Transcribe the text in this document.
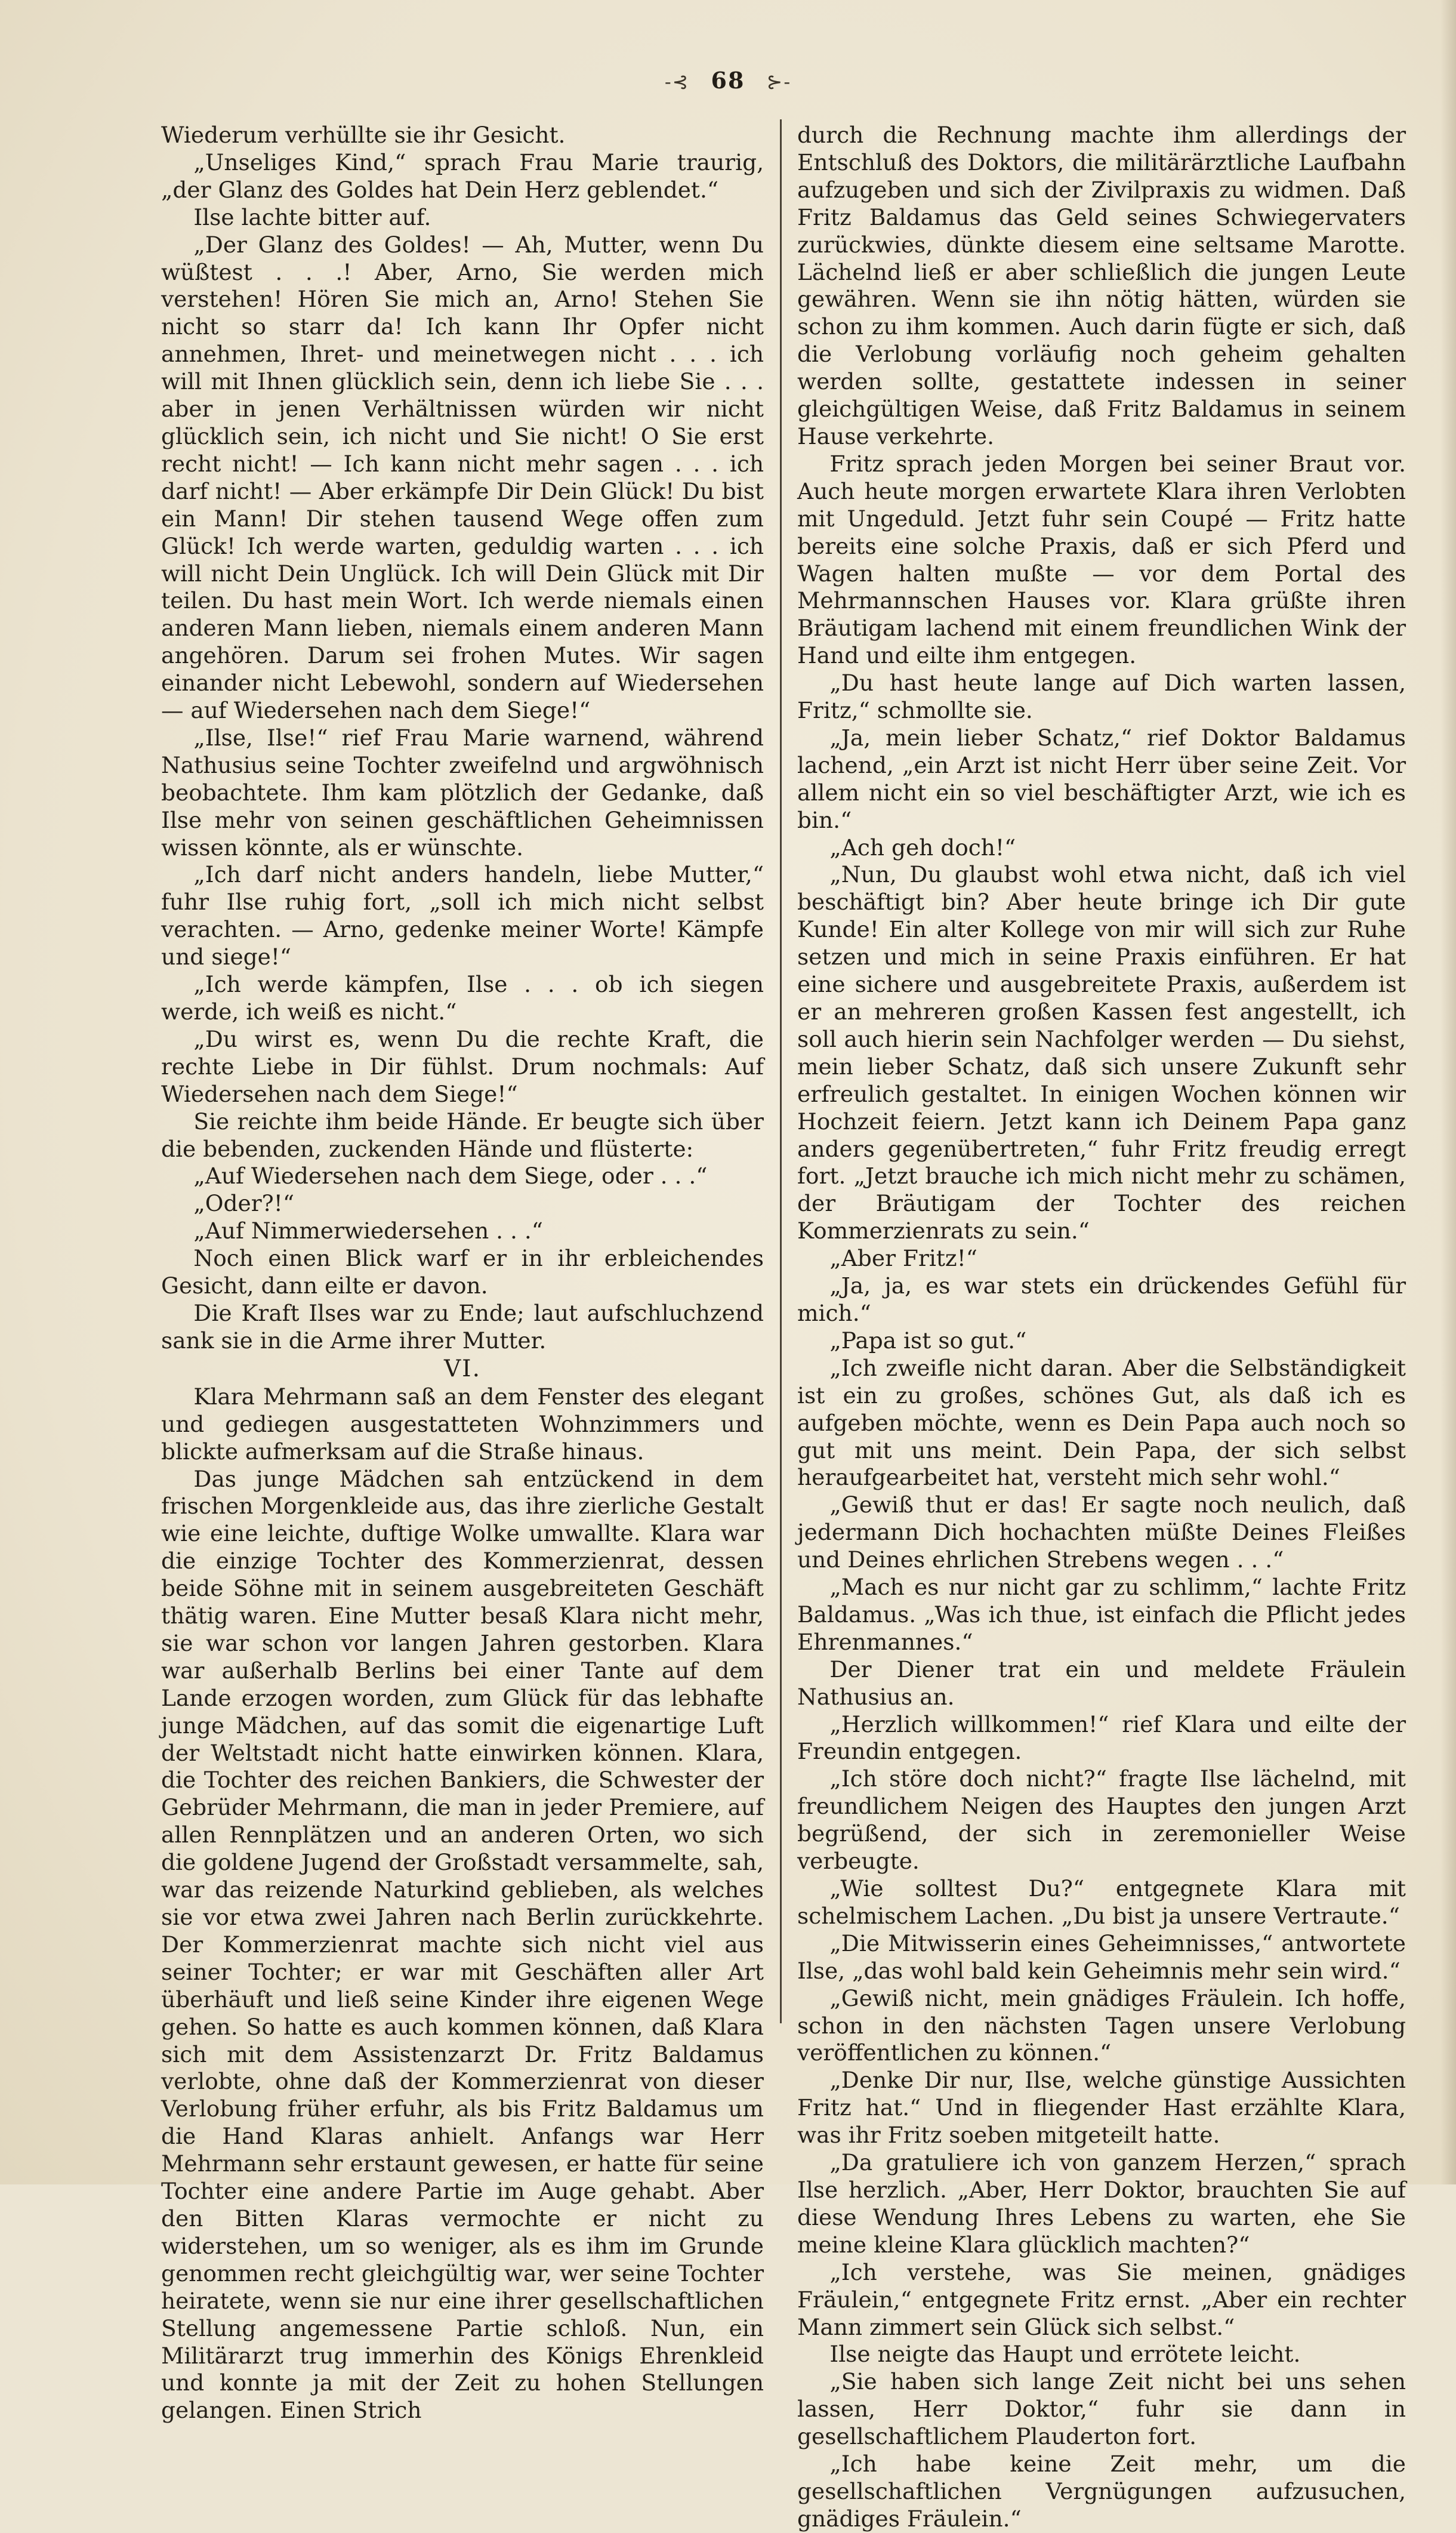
-⊰ 68 ⊱-

Wiederum verhüllte sie ihr Gesicht.

„Unseliges Kind,“ sprach Frau Marie traurig, „der Glanz des Goldes hat Dein Herz geblendet.“

Ilse lachte bitter auf.

„Der Glanz des Goldes! — Ah, Mutter, wenn Du wüßtest . . .! Aber, Arno, Sie werden mich verstehen! Hören Sie mich an, Arno! Stehen Sie nicht so starr da! Ich kann Ihr Opfer nicht annehmen, Ihret- und meinetwegen nicht . . . ich will mit Ihnen glücklich sein, denn ich liebe Sie . . . aber in jenen Verhältnissen würden wir nicht glücklich sein, ich nicht und Sie nicht! O Sie erst recht nicht! — Ich kann nicht mehr sagen . . . ich darf nicht! — Aber erkämpfe Dir Dein Glück! Du bist ein Mann! Dir stehen tausend Wege offen zum Glück! Ich werde warten, geduldig warten . . . ich will nicht Dein Unglück. Ich will Dein Glück mit Dir teilen. Du hast mein Wort. Ich werde niemals einen anderen Mann lieben, niemals einem anderen Mann angehören. Darum sei frohen Mutes. Wir sagen einander nicht Lebewohl, sondern auf Wiedersehen — auf Wiedersehen nach dem Siege!“

„Ilse, Ilse!“ rief Frau Marie warnend, während Nathusius seine Tochter zweifelnd und argwöhnisch beobachtete. Ihm kam plötzlich der Gedanke, daß Ilse mehr von seinen geschäftlichen Geheimnissen wissen könnte, als er wünschte.

„Ich darf nicht anders handeln, liebe Mutter,“ fuhr Ilse ruhig fort, „soll ich mich nicht selbst verachten. — Arno, gedenke meiner Worte! Kämpfe und siege!“

„Ich werde kämpfen, Ilse . . . ob ich siegen werde, ich weiß es nicht.“

„Du wirst es, wenn Du die rechte Kraft, die rechte Liebe in Dir fühlst. Drum nochmals: Auf Wiedersehen nach dem Siege!“

Sie reichte ihm beide Hände. Er beugte sich über die bebenden, zuckenden Hände und flüsterte:

„Auf Wiedersehen nach dem Siege, oder . . .“

„Oder?!“

„Auf Nimmerwiedersehen . . .“

Noch einen Blick warf er in ihr erbleichendes Gesicht, dann eilte er davon.

Die Kraft Ilses war zu Ende; laut aufschluchzend sank sie in die Arme ihrer Mutter.

VI.

Klara Mehrmann saß an dem Fenster des elegant und gediegen ausgestatteten Wohnzimmers und blickte aufmerksam auf die Straße hinaus.

Das junge Mädchen sah entzückend in dem frischen Morgenkleide aus, das ihre zierliche Gestalt wie eine leichte, duftige Wolke umwallte. Klara war die einzige Tochter des Kommerzienrat, dessen beide Söhne mit in seinem ausgebreiteten Geschäft thätig waren. Eine Mutter besaß Klara nicht mehr, sie war schon vor langen Jahren gestorben. Klara war außerhalb Berlins bei einer Tante auf dem Lande erzogen worden, zum Glück für das lebhafte junge Mädchen, auf das somit die eigenartige Luft der Weltstadt nicht hatte einwirken können. Klara, die Tochter des reichen Bankiers, die Schwester der Gebrüder Mehrmann, die man in jeder Premiere, auf allen Rennplätzen und an anderen Orten, wo sich die goldene Jugend der Großstadt versammelte, sah, war das reizende Naturkind geblieben, als welches sie vor etwa zwei Jahren nach Berlin zurückkehrte. Der Kommerzienrat machte sich nicht viel aus seiner Tochter; er war mit Geschäften aller Art überhäuft und ließ seine Kinder ihre eigenen Wege gehen. So hatte es auch kommen können, daß Klara sich mit dem Assistenzarzt Dr. Fritz Baldamus verlobte, ohne daß der Kommerzienrat von dieser Verlobung früher erfuhr, als bis Fritz Baldamus um die Hand Klaras anhielt. Anfangs war Herr Mehrmann sehr erstaunt gewesen, er hatte für seine Tochter eine andere Partie im Auge gehabt. Aber den Bitten Klaras vermochte er nicht zu widerstehen, um so weniger, als es ihm im Grunde genommen recht gleichgültig war, wer seine Tochter heiratete, wenn sie nur eine ihrer gesellschaftlichen Stellung angemessene Partie schloß. Nun, ein Militärarzt trug immerhin des Königs Ehrenkleid und konnte ja mit der Zeit zu hohen Stellungen gelangen. Einen Strich

durch die Rechnung machte ihm allerdings der Entschluß des Doktors, die militärärztliche Laufbahn aufzugeben und sich der Zivilpraxis zu widmen. Daß Fritz Baldamus das Geld seines Schwiegervaters zurückwies, dünkte diesem eine seltsame Marotte. Lächelnd ließ er aber schließlich die jungen Leute gewähren. Wenn sie ihn nötig hätten, würden sie schon zu ihm kommen. Auch darin fügte er sich, daß die Verlobung vorläufig noch geheim gehalten werden sollte, gestattete indessen in seiner gleichgültigen Weise, daß Fritz Baldamus in seinem Hause verkehrte.

Fritz sprach jeden Morgen bei seiner Braut vor. Auch heute morgen erwartete Klara ihren Verlobten mit Ungeduld. Jetzt fuhr sein Coupé — Fritz hatte bereits eine solche Praxis, daß er sich Pferd und Wagen halten mußte — vor dem Portal des Mehrmannschen Hauses vor. Klara grüßte ihren Bräutigam lachend mit einem freundlichen Wink der Hand und eilte ihm entgegen.

„Du hast heute lange auf Dich warten lassen, Fritz,“ schmollte sie.

„Ja, mein lieber Schatz,“ rief Doktor Baldamus lachend, „ein Arzt ist nicht Herr über seine Zeit. Vor allem nicht ein so viel beschäftigter Arzt, wie ich es bin.“

„Ach geh doch!“

„Nun, Du glaubst wohl etwa nicht, daß ich viel beschäftigt bin? Aber heute bringe ich Dir gute Kunde! Ein alter Kollege von mir will sich zur Ruhe setzen und mich in seine Praxis einführen. Er hat eine sichere und ausgebreitete Praxis, außerdem ist er an mehreren großen Kassen fest angestellt, ich soll auch hierin sein Nachfolger werden — Du siehst, mein lieber Schatz, daß sich unsere Zukunft sehr erfreulich gestaltet. In einigen Wochen können wir Hochzeit feiern. Jetzt kann ich Deinem Papa ganz anders gegenübertreten,“ fuhr Fritz freudig erregt fort. „Jetzt brauche ich mich nicht mehr zu schämen, der Bräutigam der Tochter des reichen Kommerzienrats zu sein.“

„Aber Fritz!“

„Ja, ja, es war stets ein drückendes Gefühl für mich.“

„Papa ist so gut.“

„Ich zweifle nicht daran. Aber die Selbständigkeit ist ein zu großes, schönes Gut, als daß ich es aufgeben möchte, wenn es Dein Papa auch noch so gut mit uns meint. Dein Papa, der sich selbst heraufgearbeitet hat, versteht mich sehr wohl.“

„Gewiß thut er das! Er sagte noch neulich, daß jedermann Dich hochachten müßte Deines Fleißes und Deines ehrlichen Strebens wegen . . .“

„Mach es nur nicht gar zu schlimm,“ lachte Fritz Baldamus. „Was ich thue, ist einfach die Pflicht jedes Ehrenmannes.“

Der Diener trat ein und meldete Fräulein Nathusius an.

„Herzlich willkommen!“ rief Klara und eilte der Freundin entgegen.

„Ich störe doch nicht?“ fragte Ilse lächelnd, mit freundlichem Neigen des Hauptes den jungen Arzt begrüßend, der sich in zeremonieller Weise verbeugte.

„Wie solltest Du?“ entgegnete Klara mit schelmischem Lachen. „Du bist ja unsere Vertraute.“

„Die Mitwisserin eines Geheimnisses,“ antwortete Ilse, „das wohl bald kein Geheimnis mehr sein wird.“

„Gewiß nicht, mein gnädiges Fräulein. Ich hoffe, schon in den nächsten Tagen unsere Verlobung veröffentlichen zu können.“

„Denke Dir nur, Ilse, welche günstige Aussichten Fritz hat.“ Und in fliegender Hast erzählte Klara, was ihr Fritz soeben mitgeteilt hatte.

„Da gratuliere ich von ganzem Herzen,“ sprach Ilse herzlich. „Aber, Herr Doktor, brauchten Sie auf diese Wendung Ihres Lebens zu warten, ehe Sie meine kleine Klara glücklich machten?“

„Ich verstehe, was Sie meinen, gnädiges Fräulein,“ entgegnete Fritz ernst. „Aber ein rechter Mann zimmert sein Glück sich selbst.“

Ilse neigte das Haupt und errötete leicht.

„Sie haben sich lange Zeit nicht bei uns sehen lassen, Herr Doktor,“ fuhr sie dann in gesellschaftlichem Plauderton fort.

„Ich habe keine Zeit mehr, um die gesellschaftlichen Vergnügungen aufzusuchen, gnädiges Fräulein.“
